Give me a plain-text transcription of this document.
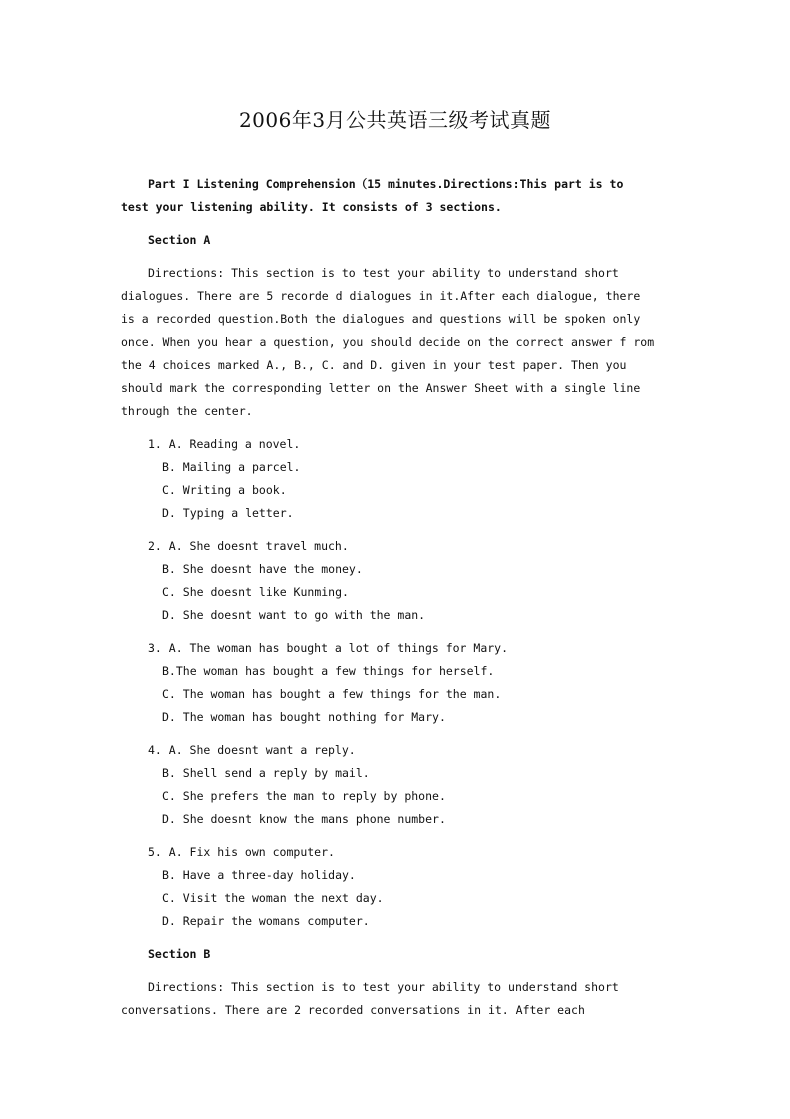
2006年3月公共英语三级考试真题
Part I Listening Comprehension（15 minutes.Directions:This part is to
test your listening ability. It consists of 3 sections.
Section A
Directions: This section is to test your ability to understand short
dialogues. There are 5 recorde d dialogues in it.After each dialogue, there
is a recorded question.Both the dialogues and questions will be spoken only
once. When you hear a question, you should decide on the correct answer f rom
the 4 choices marked A., B., C. and D. given in your test paper. Then you
should mark the corresponding letter on the Answer Sheet with a single line
through the center.
1. A. Reading a novel.
B. Mailing a parcel.
C. Writing a book.
D. Typing a letter.
2. A. She doesnt travel much.
B. She doesnt have the money.
C. She doesnt like Kunming.
D. She doesnt want to go with the man.
3. A. The woman has bought a lot of things for Mary.
B.The woman has bought a few things for herself.
C. The woman has bought a few things for the man.
D. The woman has bought nothing for Mary.
4. A. She doesnt want a reply.
B. Shell send a reply by mail.
C. She prefers the man to reply by phone.
D. She doesnt know the mans phone number.
5. A. Fix his own computer.
B. Have a three-day holiday.
C. Visit the woman the next day.
D. Repair the womans computer.
Section B
Directions: This section is to test your ability to understand short
conversations. There are 2 recorded conversations in it. After each
